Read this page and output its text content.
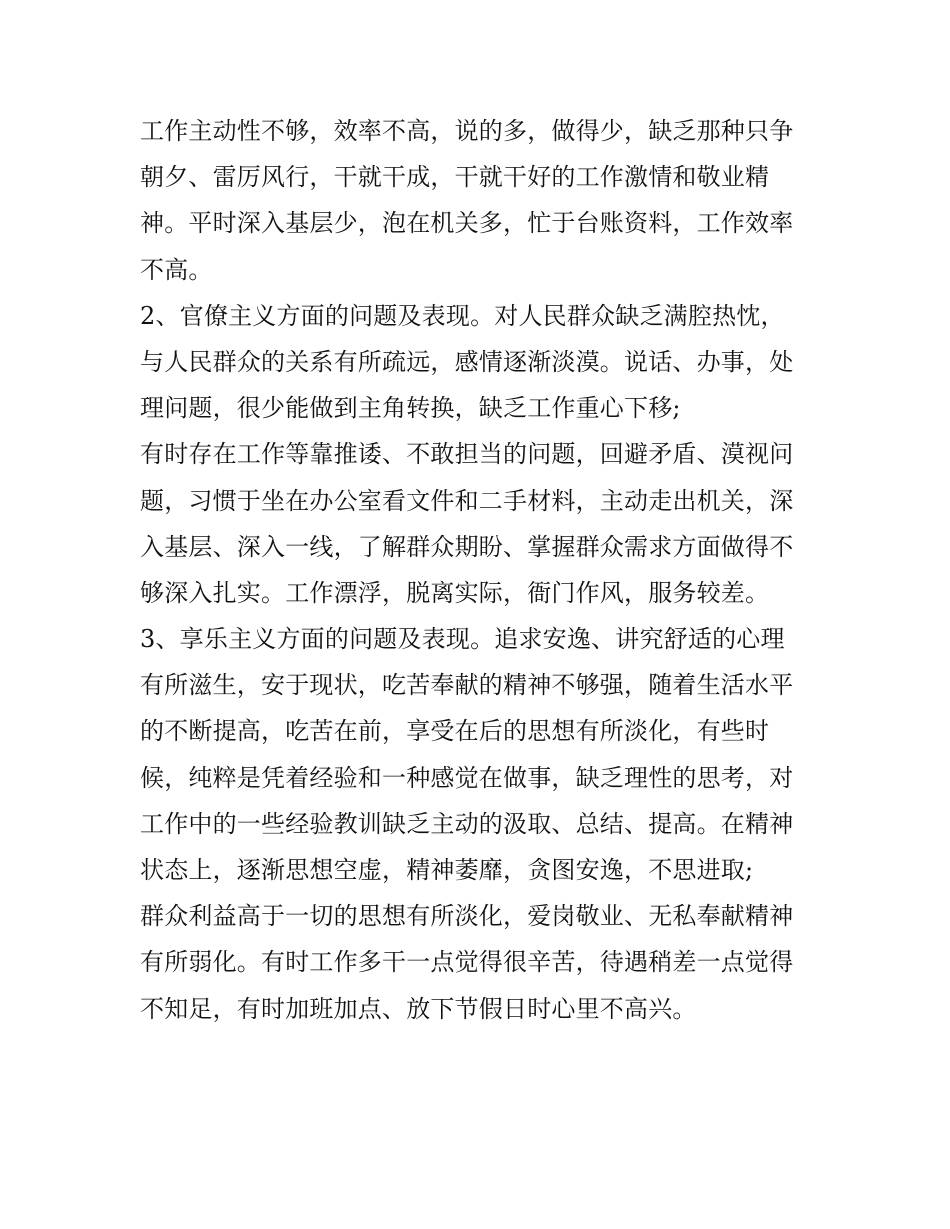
工作主动性不够，效率不高，说的多，做得少，缺乏那种只争
朝夕、雷厉风行，干就干成，干就干好的工作激情和敬业精
神。平时深入基层少，泡在机关多，忙于台账资料，工作效率
不高。
2、官僚主义方面的问题及表现。对人民群众缺乏满腔热忱，
与人民群众的关系有所疏远，感情逐渐淡漠。说话、办事，处
理问题，很少能做到主角转换，缺乏工作重心下移;
有时存在工作等靠推诿、不敢担当的问题，回避矛盾、漠视问
题，习惯于坐在办公室看文件和二手材料，主动走出机关，深
入基层、深入一线，了解群众期盼、掌握群众需求方面做得不
够深入扎实。工作漂浮，脱离实际，衙门作风，服务较差。
3、享乐主义方面的问题及表现。追求安逸、讲究舒适的心理
有所滋生，安于现状，吃苦奉献的精神不够强，随着生活水平
的不断提高，吃苦在前，享受在后的思想有所淡化，有些时
候，纯粹是凭着经验和一种感觉在做事，缺乏理性的思考，对
工作中的一些经验教训缺乏主动的汲取、总结、提高。在精神
状态上，逐渐思想空虚，精神萎靡，贪图安逸，不思进取;
群众利益高于一切的思想有所淡化，爱岗敬业、无私奉献精神
有所弱化。有时工作多干一点觉得很辛苦，待遇稍差一点觉得
不知足，有时加班加点、放下节假日时心里不高兴。
